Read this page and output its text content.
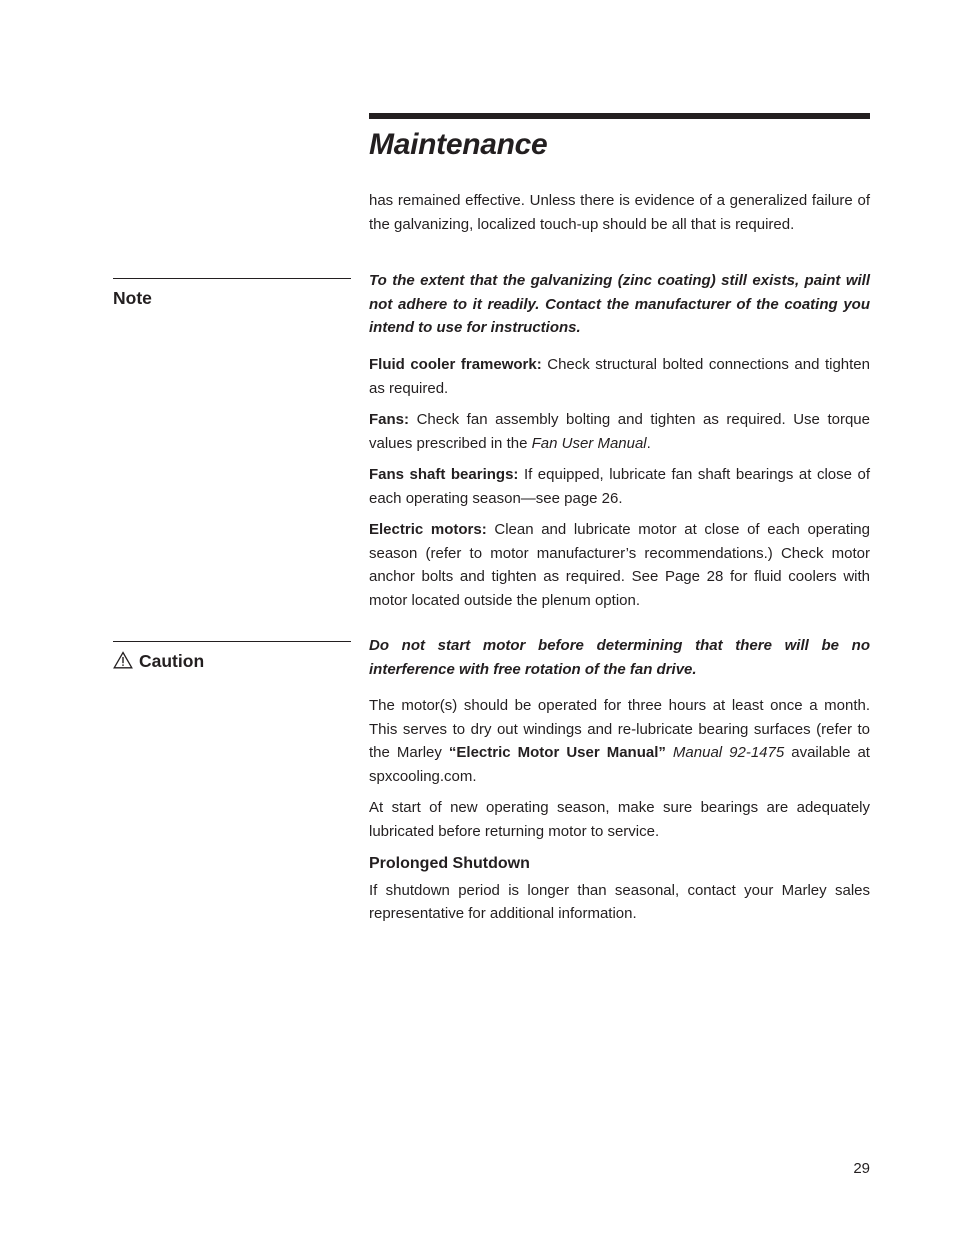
Maintenance

has remained effective. Unless there is evidence of a generalized failure of the galvanizing, localized touch-up should be all that is required.

Note

To the extent that the galvanizing (zinc coating) still exists, paint will not adhere to it readily. Contact the manufacturer of the coating you intend to use for instructions.

Fluid cooler framework: Check structural bolted connections and tighten as required.

Fans: Check fan assembly bolting and tighten as required. Use torque values prescribed in the Fan User Manual.

Fans shaft bearings: If equipped, lubricate fan shaft bearings at close of each operating season—see page 26.

Electric motors: Clean and lubricate motor at close of each operating season (refer to motor manufacturer’s recommendations.) Check motor anchor bolts and tighten as required. See Page 28 for fluid coolers with motor located outside the plenum option.

Caution

Do not start motor before determining that there will be no interference with free rotation of the fan drive.

The motor(s) should be operated for three hours at least once a month. This serves to dry out windings and re-lubricate bearing surfaces (refer to the Marley “Electric Motor User Manual” Manual 92-1475 available at spxcooling.com.

At start of new operating season, make sure bearings are adequately lubricated before returning motor to service.

Prolonged Shutdown

If shutdown period is longer than seasonal, contact your Marley sales representative for additional information.

29
